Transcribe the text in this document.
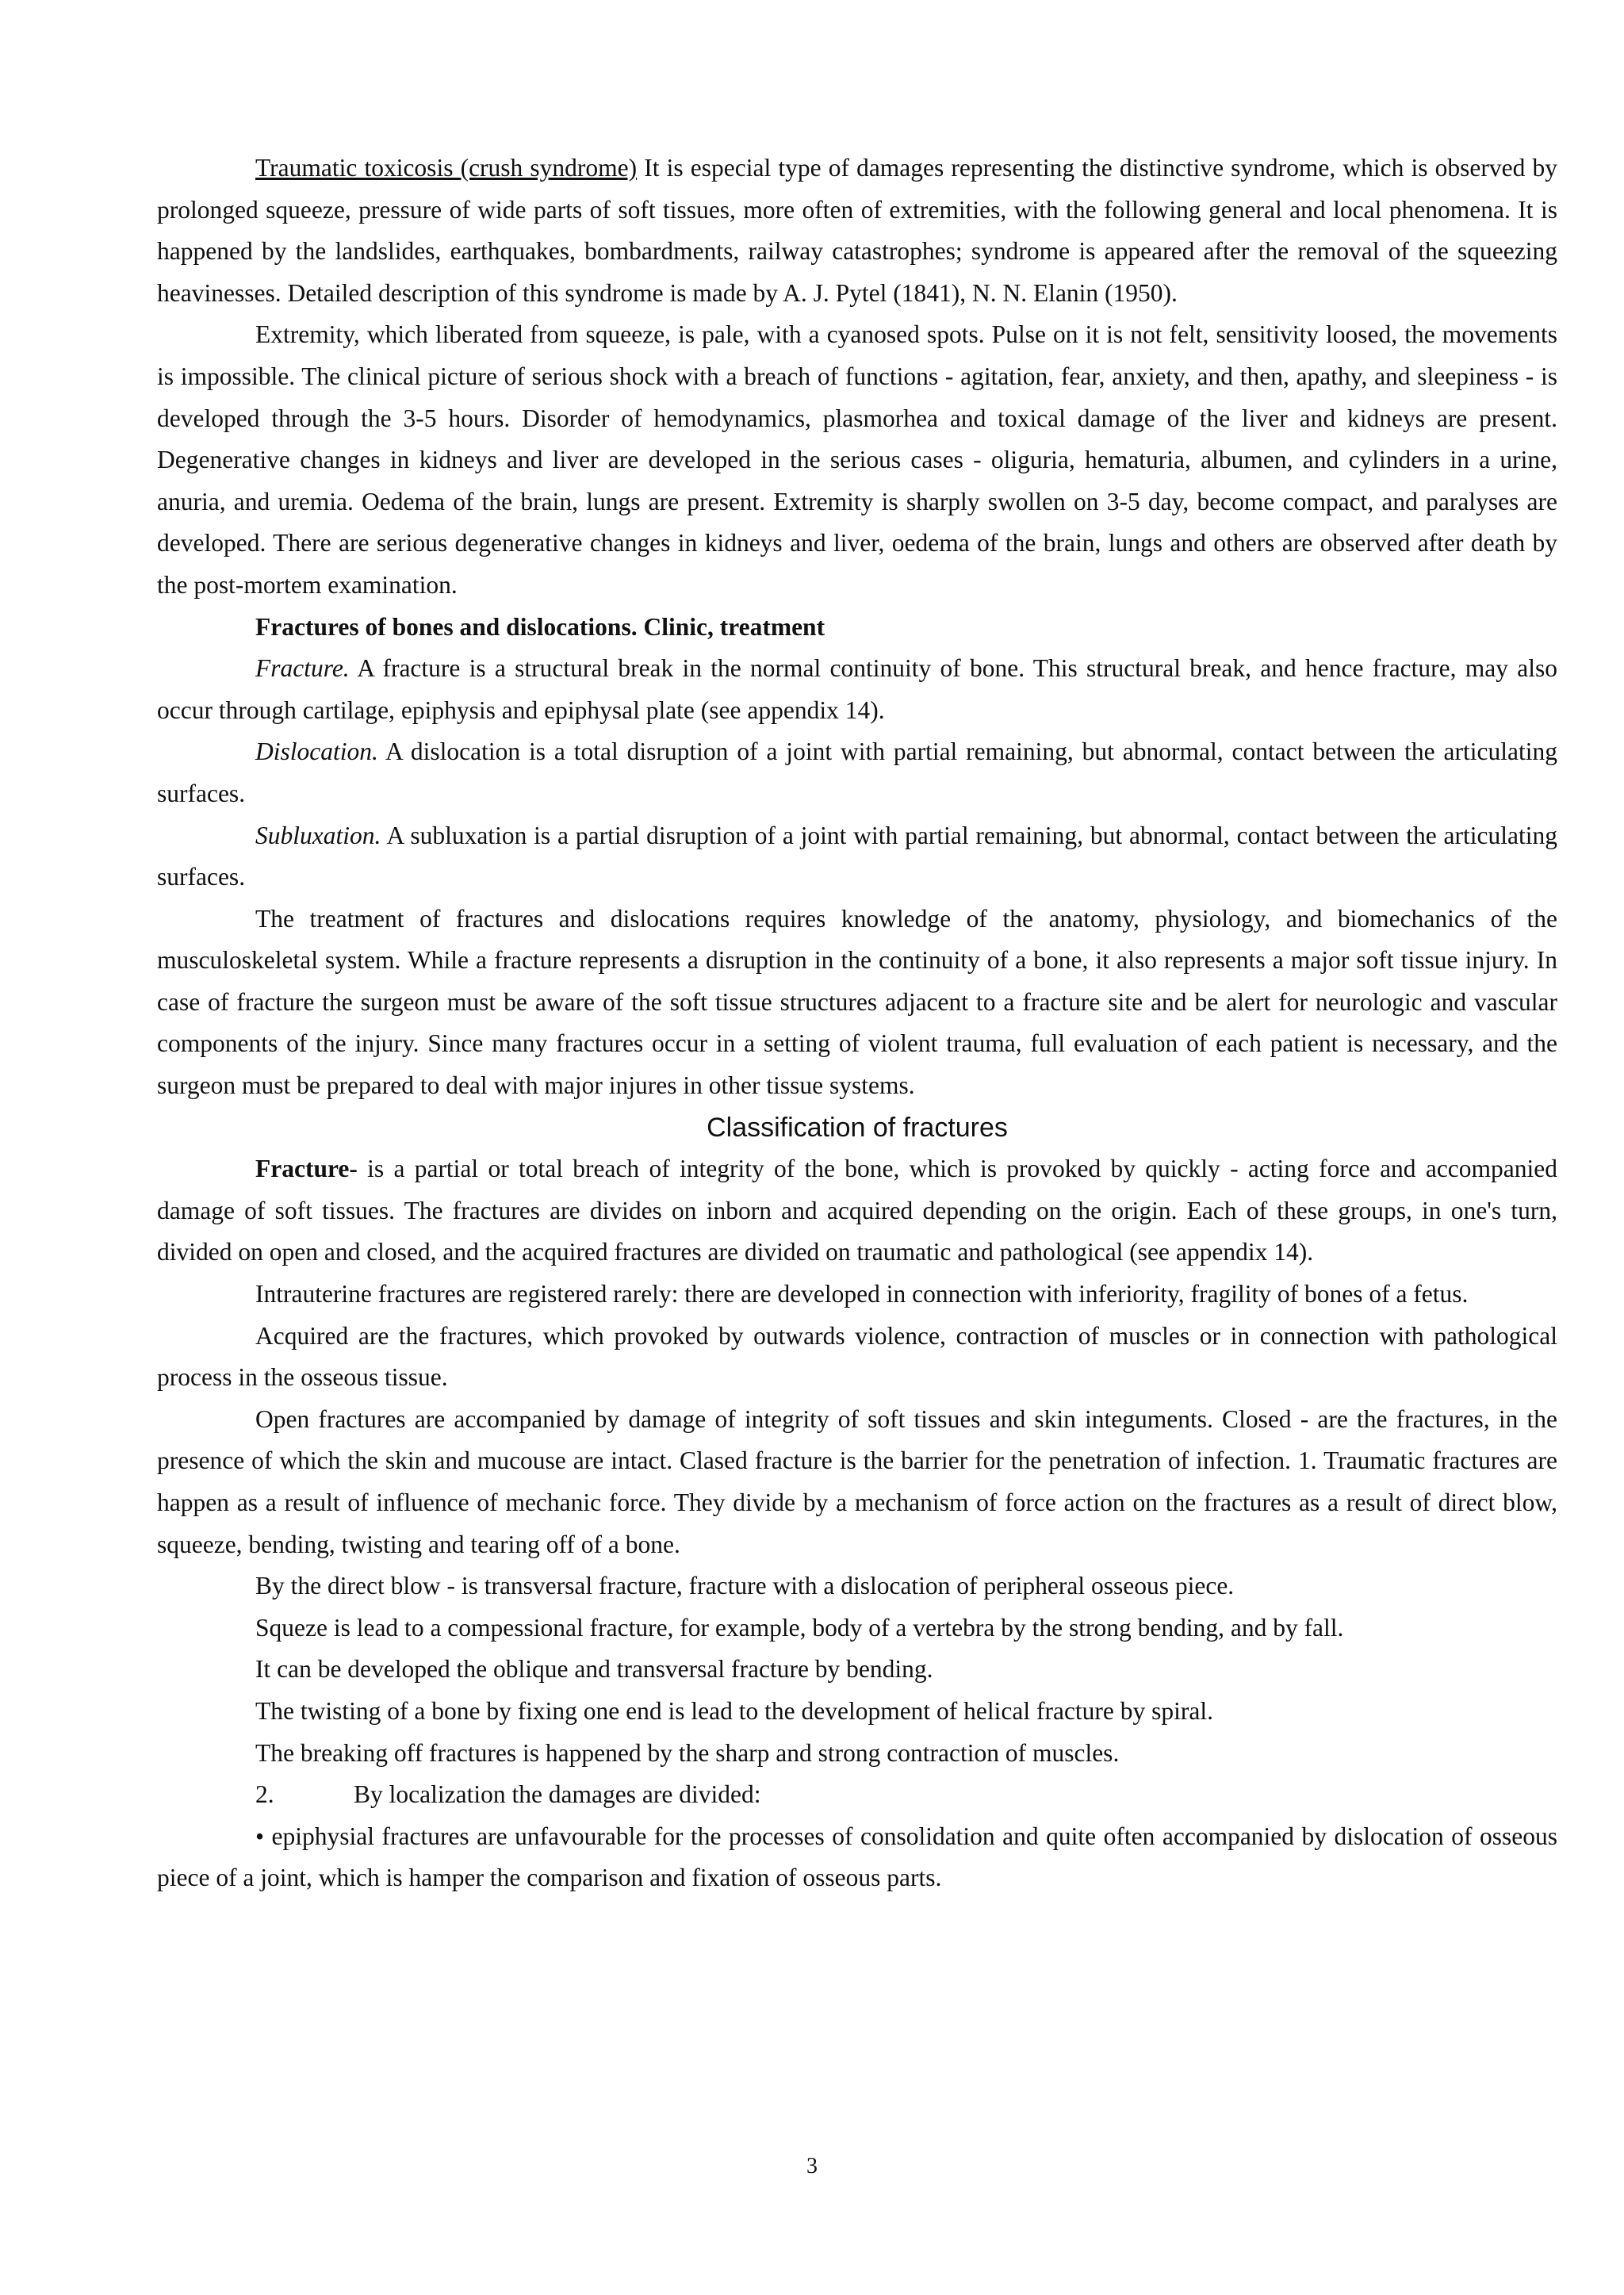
Traumatic toxicosis (crush syndrome) It is especial type of damages representing the distinctive syndrome, which is observed by prolonged squeeze, pressure of wide parts of soft tissues, more often of extremities, with the following general and local phenomena. It is happened by the landslides, earthquakes, bombardments, railway catastrophes; syndrome is appeared after the removal of the squeezing heavinesses. Detailed description of this syndrome is made by A. J. Pytel (1841), N. N. Elanin (1950).

Extremity, which liberated from squeeze, is pale, with a cyanosed spots. Pulse on it is not felt, sensitivity loosed, the movements is impossible. The clinical picture of serious shock with a breach of functions - agitation, fear, anxiety, and then, apathy, and sleepiness - is developed through the 3-5 hours. Disorder of hemodynamics, plasmorhea and toxical damage of the liver and kidneys are present. Degenerative changes in kidneys and liver are developed in the serious cases - oliguria, hematuria, albumen, and cylinders in a urine, anuria, and uremia. Oedema of the brain, lungs are present. Extremity is sharply swollen on 3-5 day, become compact, and paralyses are developed. There are serious degenerative changes in kidneys and liver, oedema of the brain, lungs and others are observed after death by the post-mortem examination.

Fractures of bones and dislocations. Clinic, treatment

Fracture. A fracture is a structural break in the normal continuity of bone. This structural break, and hence fracture, may also occur through cartilage, epiphysis and epiphysal plate (see appendix 14).

Dislocation. A dislocation is a total disruption of a joint with partial remaining, but abnormal, contact between the articulating surfaces.

Subluxation. A subluxation is a partial disruption of a joint with partial remaining, but abnormal, contact between the articulating surfaces.

The treatment of fractures and dislocations requires knowledge of the anatomy, physiology, and biomechanics of the musculoskeletal system. While a fracture represents a disruption in the continuity of a bone, it also represents a major soft tissue injury. In case of fracture the surgeon must be aware of the soft tissue structures adjacent to a fracture site and be alert for neurologic and vascular components of the injury. Since many fractures occur in a setting of violent trauma, full evaluation of each patient is necessary, and the surgeon must be prepared to deal with major injures in other tissue systems.

Classification of fractures

Fracture- is a partial or total breach of integrity of the bone, which is provoked by quickly - acting force and accompanied damage of soft tissues. The fractures are divides on inborn and acquired depending on the origin. Each of these groups, in one's turn, divided on open and closed, and the acquired fractures are divided on traumatic and pathological (see appendix 14).

Intrauterine fractures are registered rarely: there are developed in connection with inferiority, fragility of bones of a fetus.

Acquired are the fractures, which provoked by outwards violence, contraction of muscles or in connection with pathological process in the osseous tissue.

Open fractures are accompanied by damage of integrity of soft tissues and skin integuments. Closed - are the fractures, in the presence of which the skin and mucouse are intact. Clased fracture is the barrier for the penetration of infection. 1. Traumatic fractures are happen as a result of influence of mechanic force. They divide by a mechanism of force action on the fractures as a result of direct blow, squeeze, bending, twisting and tearing off of a bone.

By the direct blow - is transversal fracture, fracture with a dislocation of peripheral osseous piece.

Squeze is lead to a compessional fracture, for example, body of a vertebra by the strong bending, and by fall.

It can be developed the oblique and transversal fracture by bending.

The twisting of a bone by fixing one end is lead to the development of helical fracture by spiral.

The breaking off fractures is happened by the sharp and strong contraction of muscles.

2.	By localization the damages are divided:

• epiphysial fractures are unfavourable for the processes of consolidation and quite often accompanied by dislocation of osseous piece of a joint, which is hamper the comparison and fixation of osseous parts.

3
